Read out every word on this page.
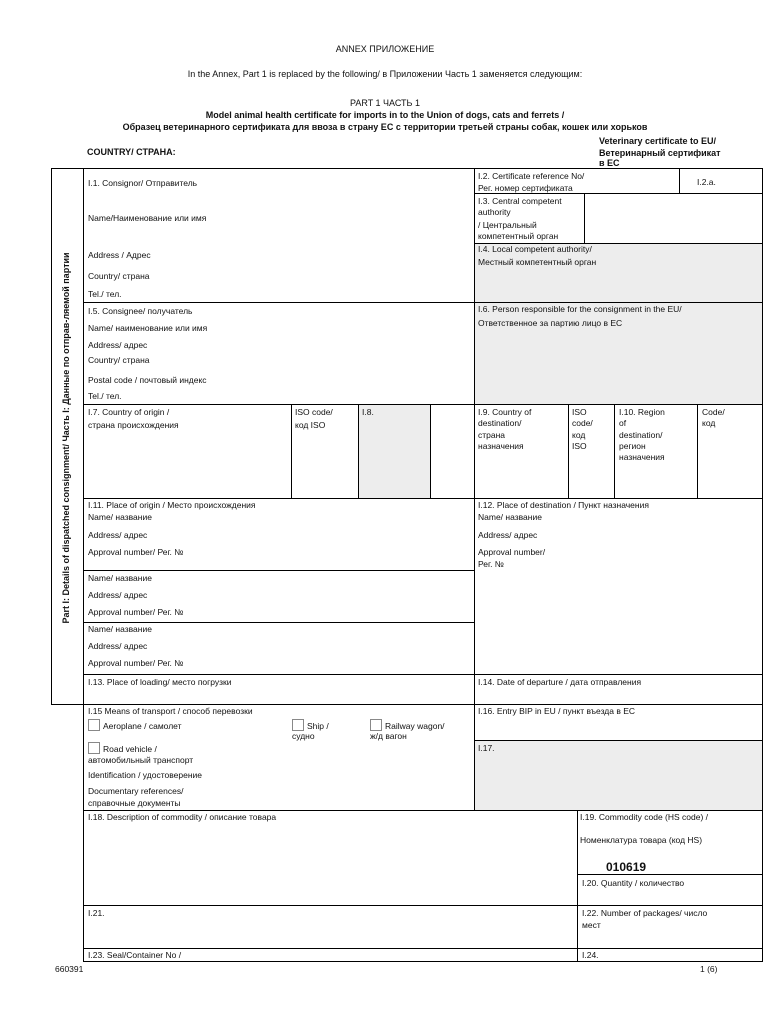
ANNEX ПРИЛОЖЕНИЕ
In the Annex, Part 1 is replaced by the following/ в Приложении Часть 1 заменяется следующим:
PART 1 ЧАСТЬ 1
Model animal health certificate for imports in to the Union of dogs, cats and ferrets /
Образец ветеринарного сертификата для ввоза в страну ЕС с территории третьей страны собак, кошек или хорьков
COUNTRY/ СТРАНА:
Veterinary certificate to EU/
Ветеринарный сертификат
в ЕС
Part I: Details of dispatched consignment/ Часть I: Данные по отправ-ляемой партии
I.1. Consignor/ Отправитель
Name/Наименование или имя
Address / Адрес
Country/ страна
Tel./ тел.
I.2. Certificate reference No/
Рег. номер сертификата
I.2.a.
I.3. Central competent
authority
/ Центральный
компетентный орган
I.4. Local competent authority/
Местный компетентный орган
I.5. Consignee/ получатель
Name/ наименование или имя
Address/ адрес
Country/ страна
Postal code / почтовый индекс
Tel./ тел.
I.6. Person responsible for the consignment in the EU/
Ответственное за партию лицо в ЕС
I.7. Country of origin /
страна происхождения
ISO code/
код ISO
I.8.	I.9. Country of
destination/
страна
назначения
ISO
code/
код
ISO
I.10. Region
of
destination/
регион
назначения
Code/
код
I.11. Place of origin / Место происхождения
Name/ название
Address/ адрес
Approval number/ Рег. №
Name/ название
Address/ адрес
Approval number/ Рег. №
Name/ название
Address/ адрес
Approval number/ Рег. №
I.12. Place of destination / Пункт назначения
Name/ название
Address/ адрес
Approval number/
Рег. №
I.13. Place of loading/ место погрузки	I.14. Date of departure / дата отправления
I.15 Means of transport / способ перевозки
Aeroplane / самолет	Ship /
судно
Railway wagon/
ж/д вагон
Road vehicle /
автомобильный транспорт
Identification / удостоверение
Documentary references/
справочные документы
I.16. Entry BIP in EU / пункт въезда в ЕС
I.17.
I.18. Description of commodity / описание товара	I.19. Commodity code (HS code) /
Номенклатура товара (код HS)
010619
I.20. Quantity / количество
I.21.	I.22. Number of packages/ число
мест
I.23. Seal/Container No /	I.24.
660391	1 (6)
